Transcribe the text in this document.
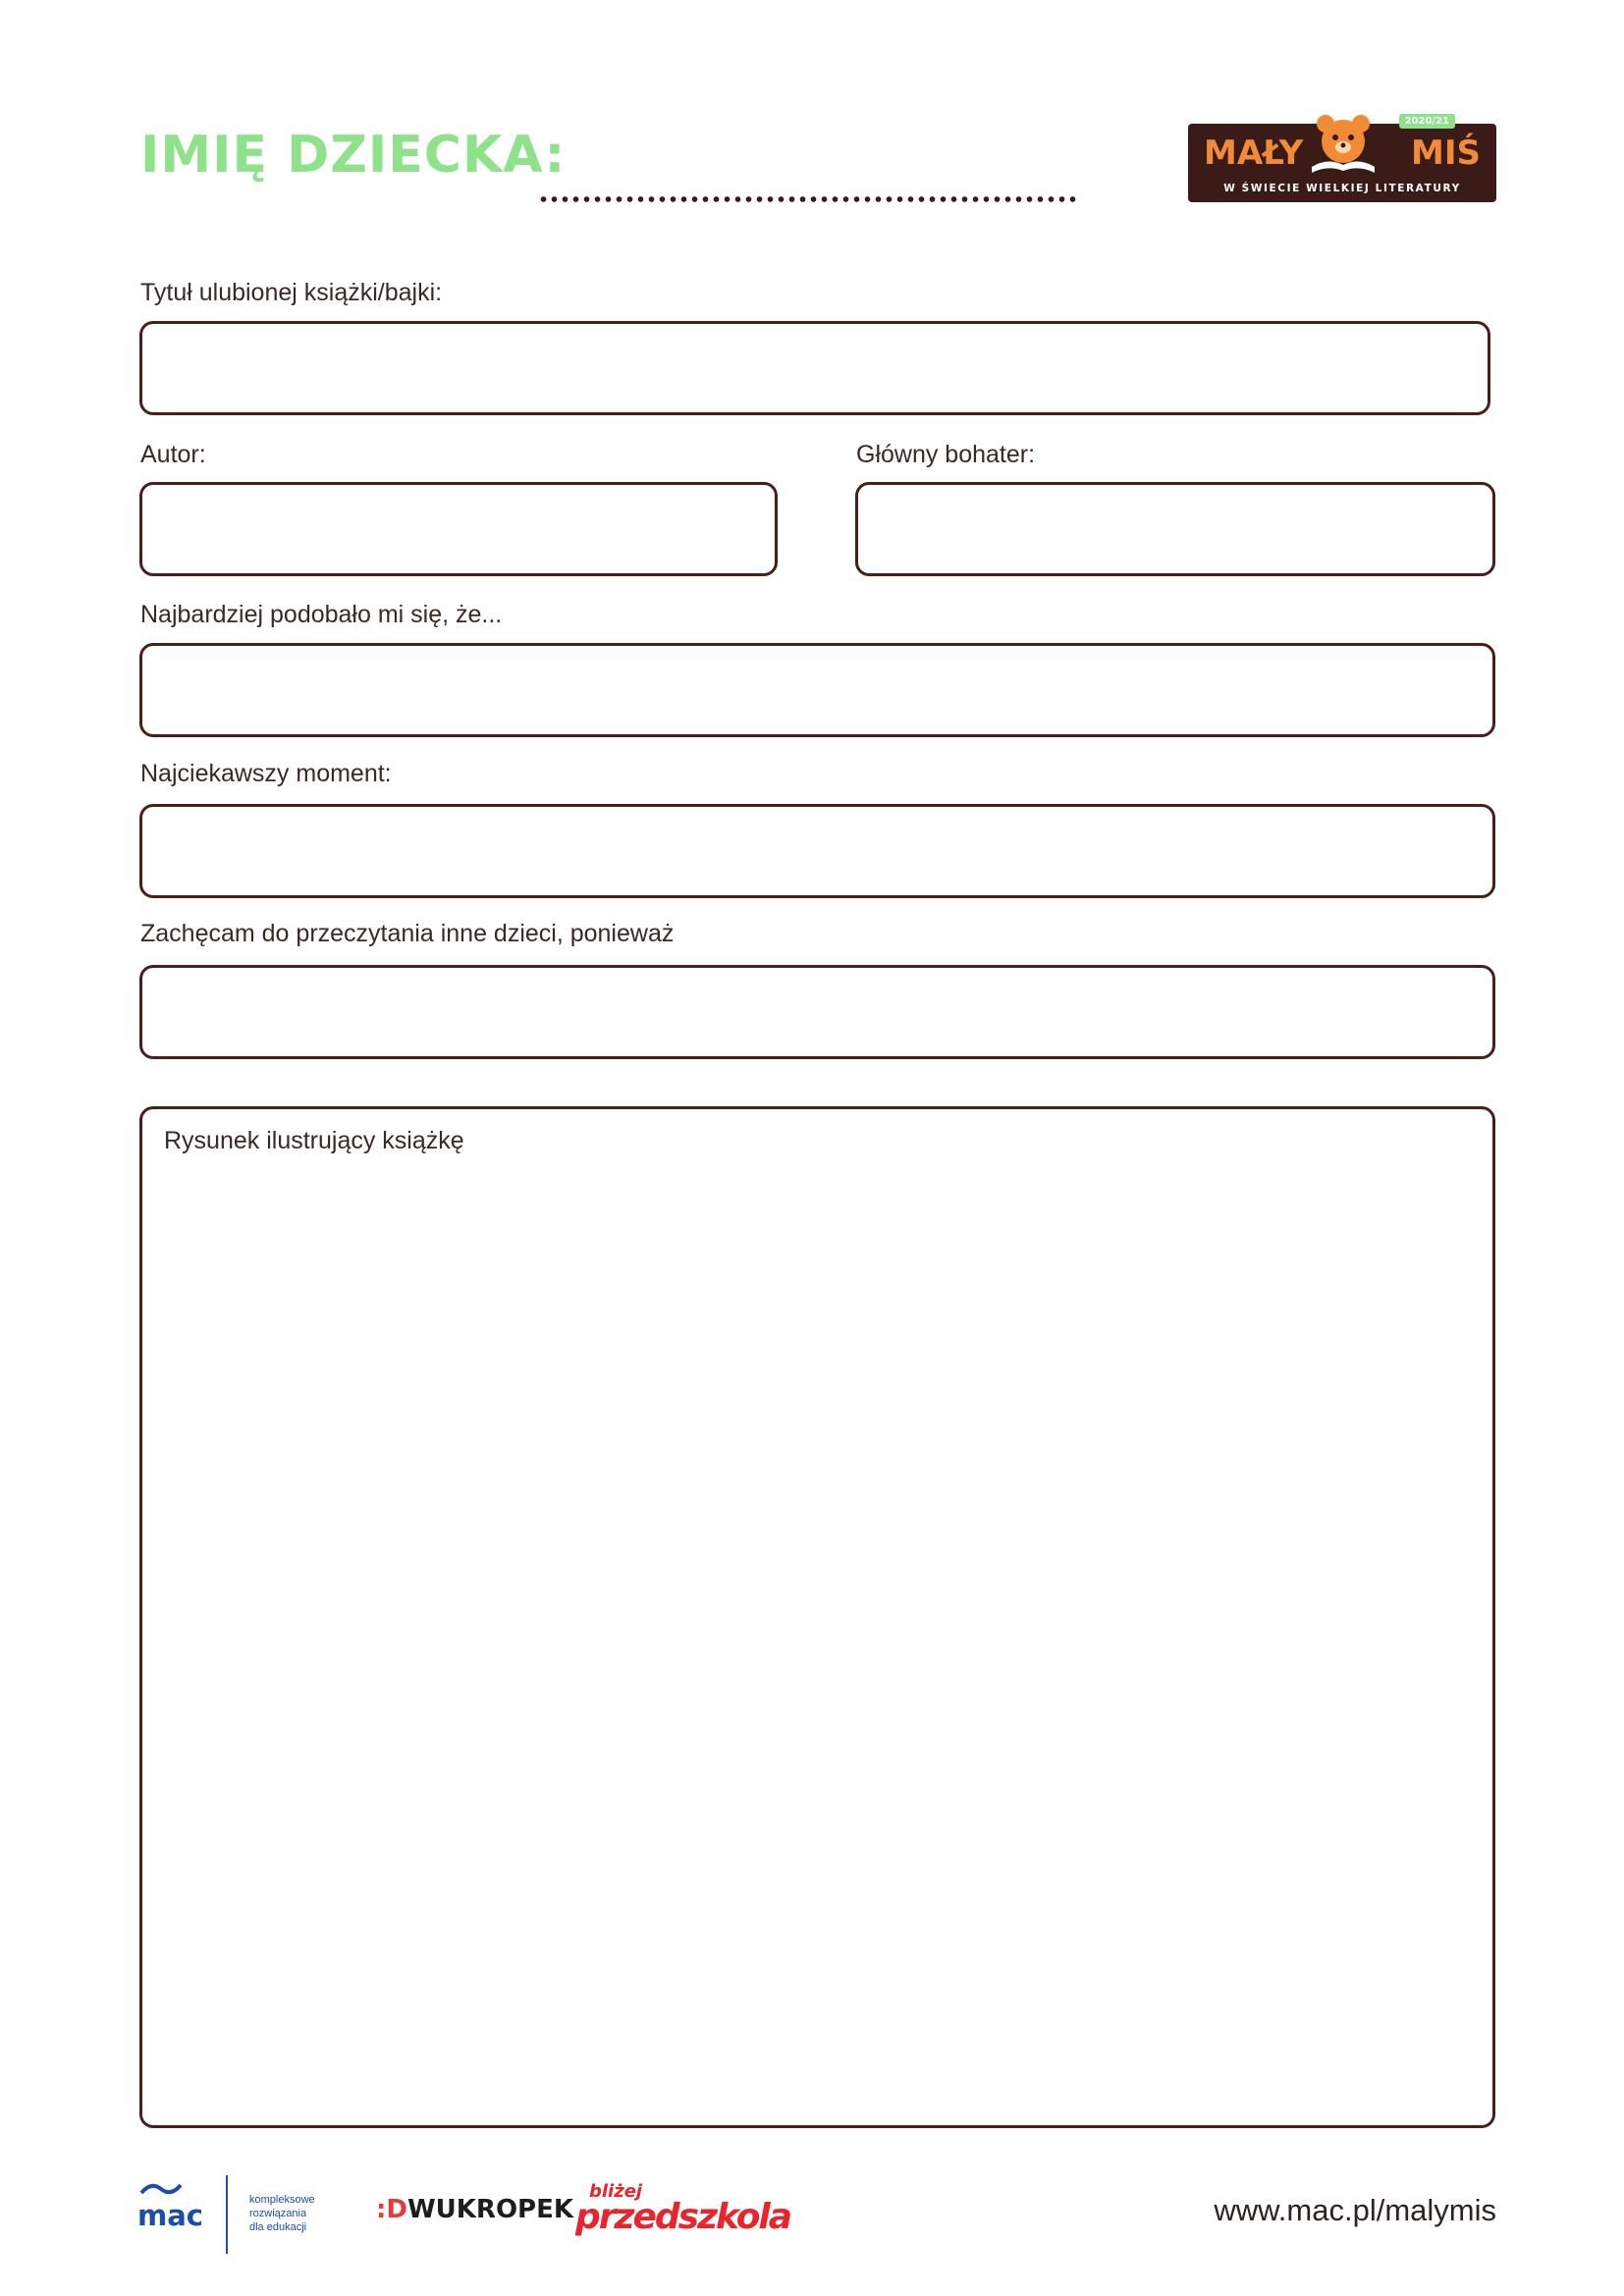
IMIĘ DZIECKA:
2020/21
MAŁY	MIŚ
W ŚWIECIE WIELKIEJ LITERATURY
Tytuł ulubionej książki/bajki:
Autor:	Główny bohater:
Najbardziej podobało mi się, że...
Najciekawszy moment:
Zachęcam do przeczytania inne dzieci, ponieważ
Rysunek ilustrujący książkę
mac	kompleksowe
rozwiązania
dla edukacji
:DWUKROPEK
bliżej
przedszkola	www.mac.pl/malymis
